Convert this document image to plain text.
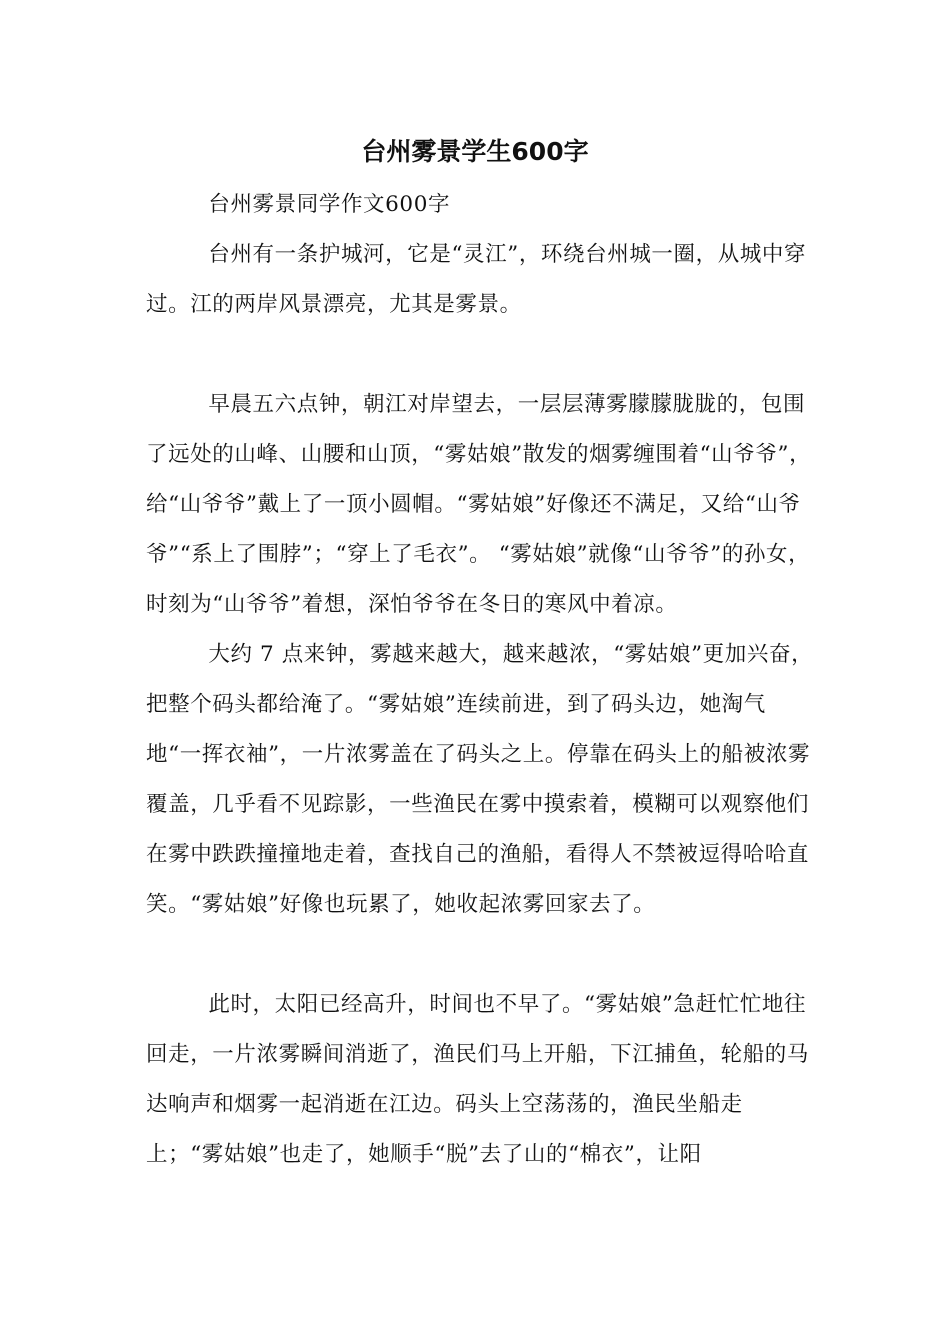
台州雾景学生600字

台州雾景同学作文600字

台州有一条护城河，它是“灵江”，环绕台州城一圈，从城中穿过。江的两岸风景漂亮，尤其是雾景。

早晨五六点钟，朝江对岸望去，一层层薄雾朦朦胧胧的，包围了远处的山峰、山腰和山顶，“雾姑娘”散发的烟雾缠围着“山爷爷”，给“山爷爷”戴上了一顶小圆帽。“雾姑娘”好像还不满足，又给“山爷爷”“系上了围脖”；“穿上了毛衣”。 “雾姑娘”就像“山爷爷”的孙女，时刻为“山爷爷”着想，深怕爷爷在冬日的寒风中着凉。

大约 7 点来钟，雾越来越大，越来越浓，“雾姑娘”更加兴奋，把整个码头都给淹了。“雾姑娘”连续前进，到了码头边，她淘气地“一挥衣袖”，一片浓雾盖在了码头之上。停靠在码头上的船被浓雾覆盖，几乎看不见踪影，一些渔民在雾中摸索着，模糊可以观察他们在雾中跌跌撞撞地走着，查找自己的渔船，看得人不禁被逗得哈哈直笑。“雾姑娘”好像也玩累了，她收起浓雾回家去了。

此时，太阳已经高升，时间也不早了。“雾姑娘”急赶忙忙地往回走，一片浓雾瞬间消逝了，渔民们马上开船，下江捕鱼，轮船的马达响声和烟雾一起消逝在江边。码头上空荡荡的，渔民坐船走上；“雾姑娘”也走了，她顺手“脱”去了山的“棉衣”，让阳
